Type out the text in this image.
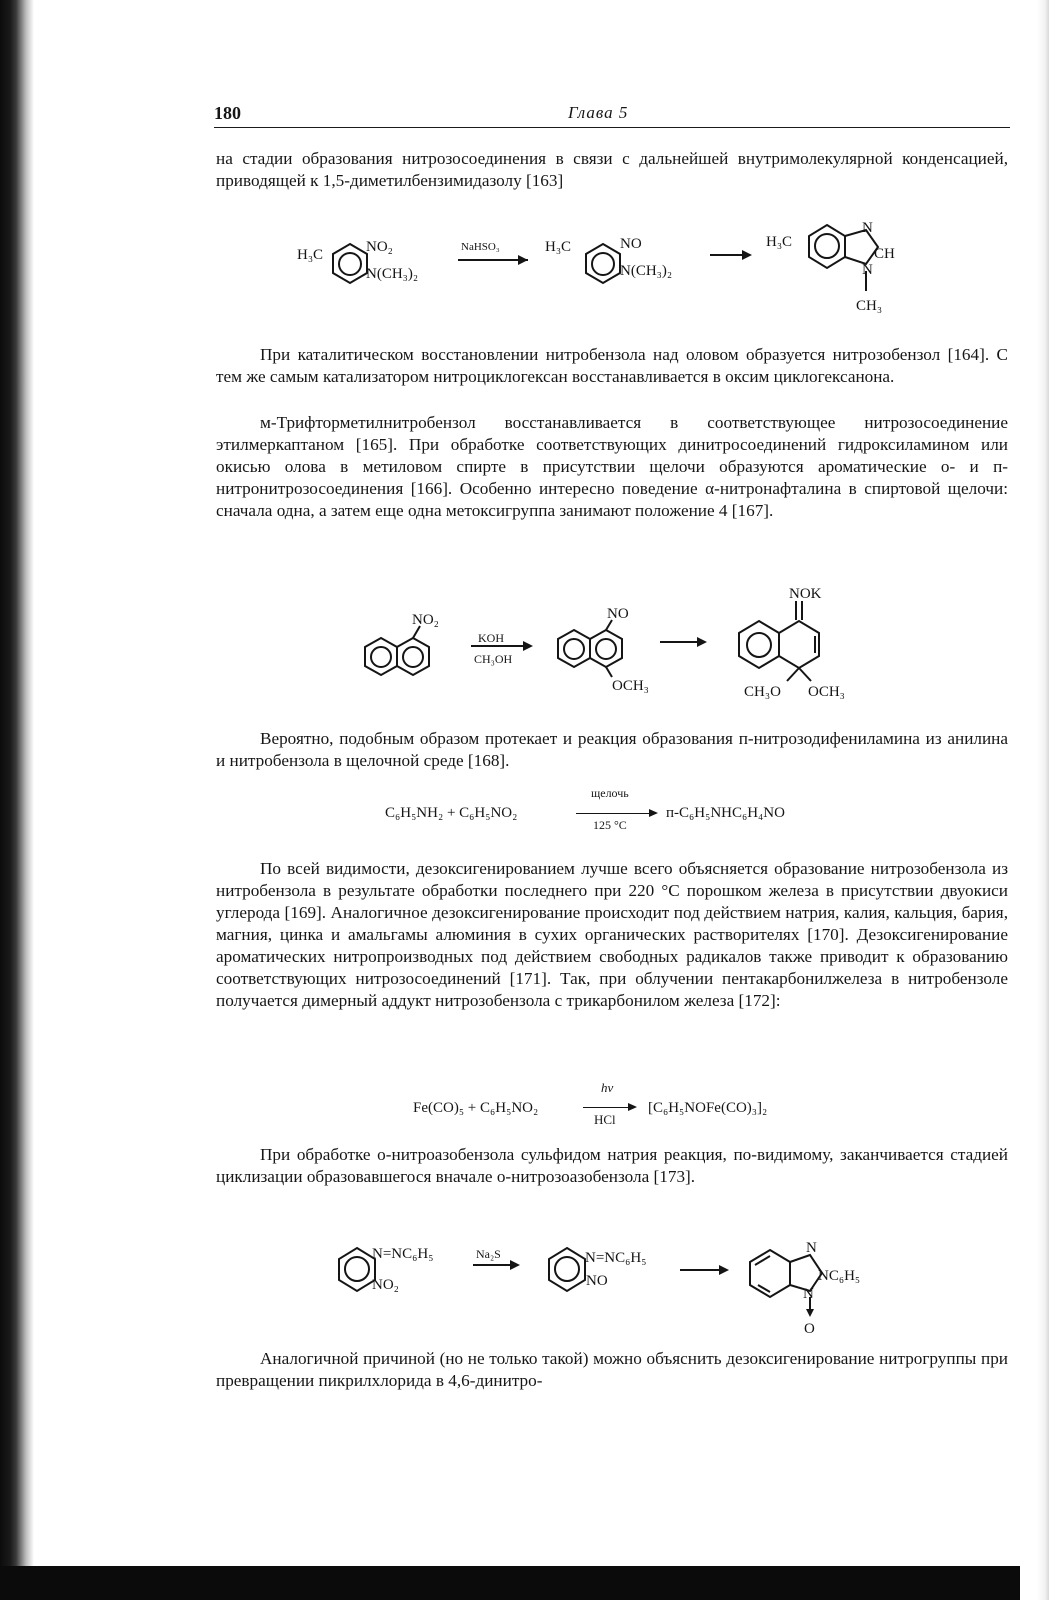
180	Глава 5

на стадии образования нитрозосоединения в связи с дальнейшей внутримолекулярной конденсацией, приводящей к 1,5-диметилбензимидазолу [163]

H₃C	NO₂
N(CH₃)₂
NaHSO₃	H₃C	NO
N(CH₃)₂
H₃C
N
CH
N
CH₃

При каталитическом восстановлении нитробензола над оловом образуется нитрозобензол [164]. С тем же самым катализатором нитроциклогексан восстанавливается в оксим циклогексанона.

м-Трифторметилнитробензол восстанавливается в соответствующее нитрозосоединение этилмеркаптаном [165]. При обработке соответствующих динитросоединений гидроксиламином или окисью олова в метиловом спирте в присутствии щелочи образуются ароматические о- и п-нитронитрозосоединения [166]. Особенно интересно поведение α-нитронафталина в спиртовой щелочи: сначала одна, а затем еще одна метоксигруппа занимают положение 4 [167].

NO₂
KOH
CH₃OH
NO
OCH₃
NOK
CH₃O OCH₃

Вероятно, подобным образом протекает и реакция образования п-нитрозодифениламина из анилина и нитробензола в щелочной среде [168].

C₆H₅NH₂ + C₆H₅NO₂
щелочь
125 °С
п-C₆H₅NHC₆H₄NO

По всей видимости, дезоксигенированием лучше всего объясняется образование нитрозобензола из нитробензола в результате обработки последнего при 220 °С порошком железа в присутствии двуокиси углерода [169]. Аналогичное дезоксигенирование происходит под действием натрия, калия, кальция, бария, магния, цинка и амальгамы алюминия в сухих органических растворителях [170]. Дезоксигенирование ароматических нитропроизводных под действием свободных радикалов также приводит к образованию соответствующих нитрозосоединений [171]. Так, при облучении пентакарбонилжелеза в нитробензоле получается димерный аддукт нитрозобензола с трикарбонилом железа [172]:

Fe(CO)₅ + C₆H₅NO₂
hν
HCl
[C₆H₅NOFe(CO)₃]₂

При обработке о-нитроазобензола сульфидом натрия реакция, по-видимому, заканчивается стадией циклизации образовавшегося вначале о-нитрозоазобензола [173].

N=NC₆H₅
NO₂
Na₂S	N=NC₆H₅
NO
N
NC₆H₅
N
O

Аналогичной причиной (но не только такой) можно объяснить дезоксигенирование нитрогруппы при превращении пикрилхлорида в 4,6-динитро-
